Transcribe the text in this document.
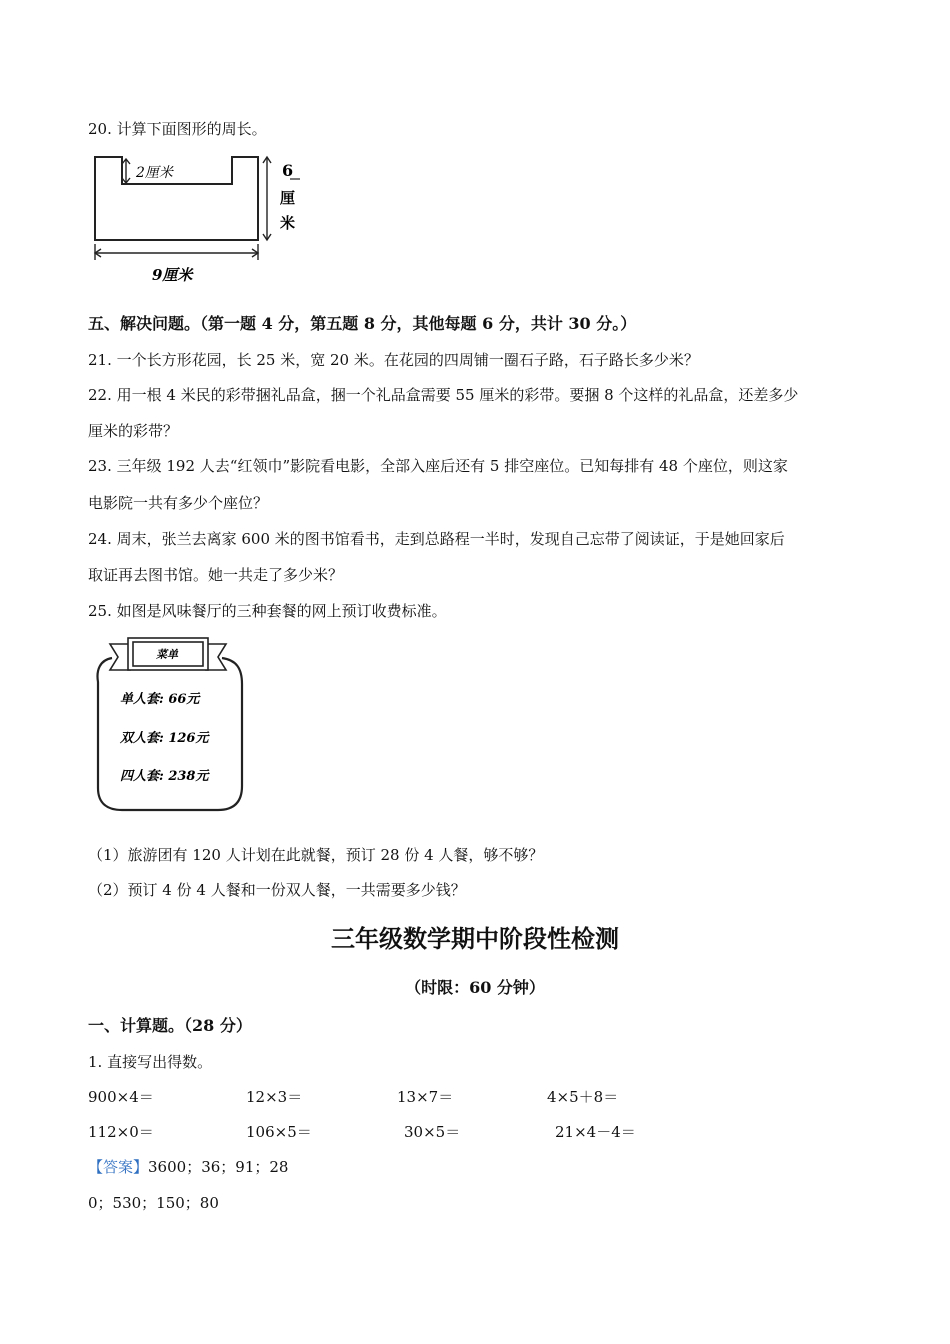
20. 计算下面图形的周长。

2厘米	6
厘
米
9厘米

五、解决问题。（第一题 4 分，第五题 8 分，其他每题 6 分，共计 30 分。）

21. 一个长方形花园，长 25 米，宽 20 米。在花园的四周铺一圈石子路，石子路长多少米？

22. 用一根 4 米民的彩带捆礼品盒，捆一个礼品盒需要 55 厘米的彩带。要捆 8 个这样的礼品盒，还差多少

厘米的彩带？

23. 三年级 192 人去“红领巾”影院看电影，全部入座后还有 5 排空座位。已知每排有 48 个座位，则这家

电影院一共有多少个座位？

24. 周末，张兰去离家 600 米的图书馆看书，走到总路程一半时，发现自己忘带了阅读证，于是她回家后

取证再去图书馆。她一共走了多少米？

25. 如图是风味餐厅的三种套餐的网上预订收费标准。

菜单
单人套: 66元
双人套: 126元
四人套: 238元

（1）旅游团有 120 人计划在此就餐，预订 28 份 4 人餐，够不够？

（2）预订 4 份 4 人餐和一份双人餐，一共需要多少钱？

三年级数学期中阶段性检测
（时限：60 分钟）

一、计算题。（28 分）

1. 直接写出得数。

900×4＝	12×3＝	13×7＝	4×5＋8＝

112×0＝	106×5＝	30×5＝	21×4－4＝

【答案】3600；36；91；28

0；530；150；80
